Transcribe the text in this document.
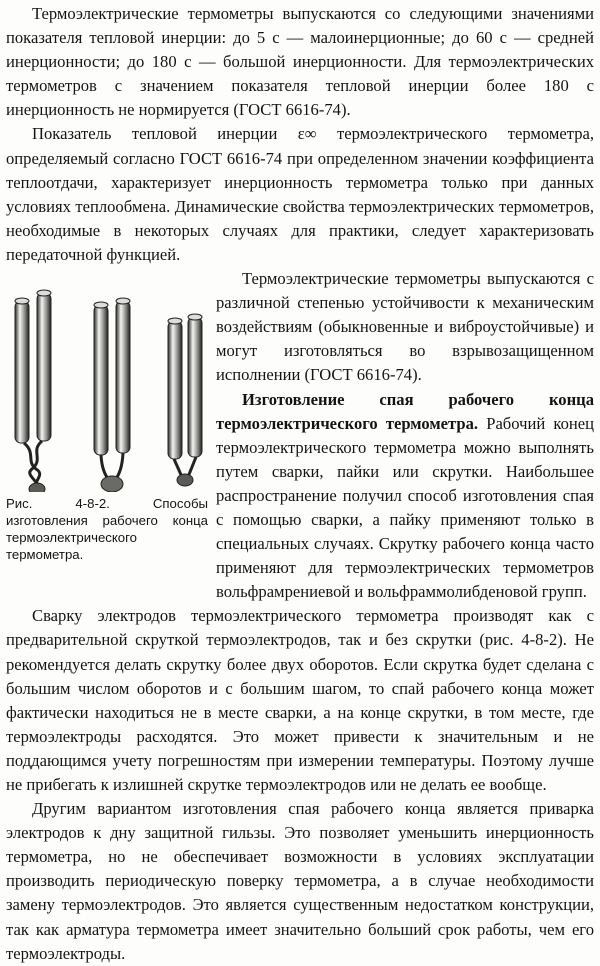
Термоэлектрические термометры выпускаются со следующими значениями показателя тепловой инерции: до 5 с — малоинерционные; до 60 с — средней инерционности; до 180 с — большой инерционности. Для термоэлектрических термометров с значением показателя тепловой инерции более 180 с инерционность не нормируется (ГОСТ 6616-74).

Показатель тепловой инерции ε∞ термоэлектрического термометра, определяемый согласно ГОСТ 6616-74 при определенном значении коэффициента теплоотдачи, характеризует инерционность термометра только при данных условиях теплообмена. Динамические свойства термоэлектрических термометров, необходимые в некоторых случаях для практики, следует характеризовать передаточной функцией.

Рис. 4-8-2. Способы изготовления рабочего конца термоэлектрического термометра.

Термоэлектрические термометры выпускаются с различной степенью устойчивости к механическим воздействиям (обыкновенные и виброустойчивые) и могут изготовляться во взрывозащищенном исполнении (ГОСТ 6616-74).

Изготовление спая рабочего конца термоэлектрического термометра. Рабочий конец термоэлектрического термометра можно выполнять путем сварки, пайки или скрутки. Наибольшее распространение получил способ изготовления спая с помощью сварки, а пайку применяют только в специальных случаях. Скрутку рабочего конца часто применяют для термоэлектрических термометров вольфрамрениевой и вольфраммолибденовой групп.

Сварку электродов термоэлектрического термометра производят как с предварительной скруткой термоэлектродов, так и без скрутки (рис. 4-8-2). Не рекомендуется делать скрутку более двух оборотов. Если скрутка будет сделана с большим числом оборотов и с большим шагом, то спай рабочего конца может фактически находиться не в месте сварки, а на конце скрутки, в том месте, где термоэлектроды расходятся. Это может привести к значительным и не поддающимся учету погрешностям при измерении температуры. Поэтому лучше не прибегать к излишней скрутке термоэлектродов или не делать ее вообще.

Другим вариантом изготовления спая рабочего конца является приварка электродов к дну защитной гильзы. Это позволяет уменьшить инерционность термометра, но не обеспечивает возможности в условиях эксплуатации производить периодическую поверку термометра, а в случае необходимости замену термоэлектродов. Это является существенным недостатком конструкции, так как арматура термометра имеет значительно больший срок работы, чем его термоэлектроды.
